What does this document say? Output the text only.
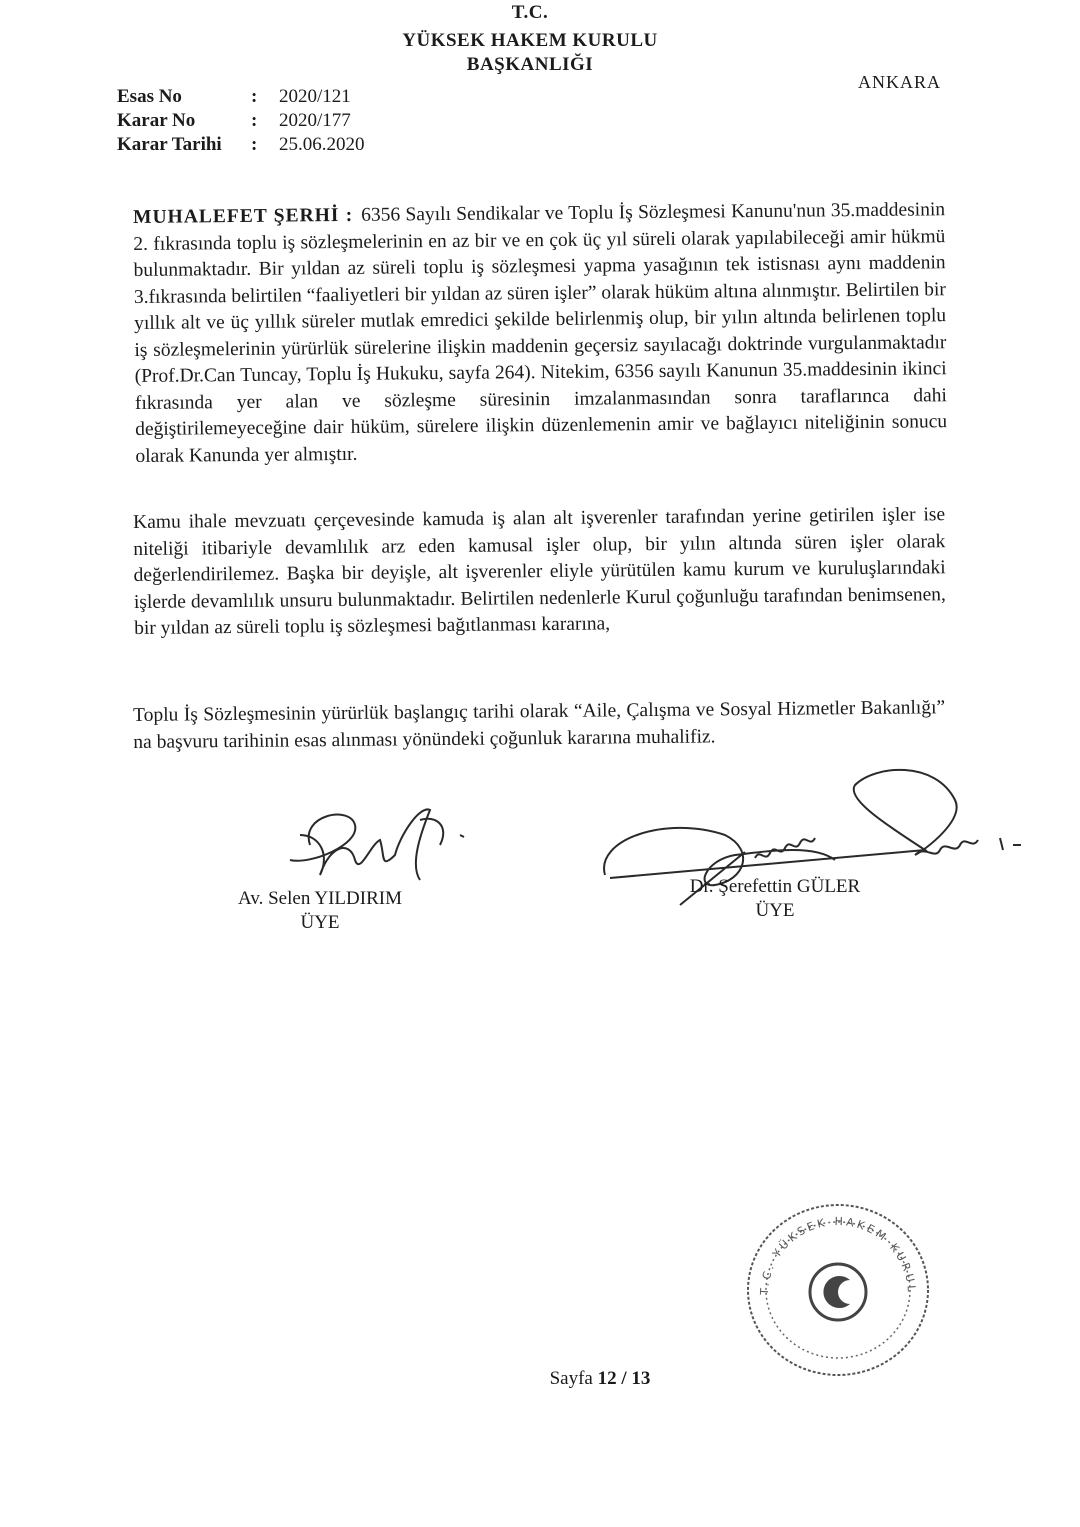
T.C.
YÜKSEK HAKEM KURULU
BAŞKANLIĞI
ANKARA
Esas No	: 2020/121
Karar No	: 2020/177
Karar Tarihi : 25.06.2020
MUHALEFET ŞERHİ : 6356 Sayılı Sendikalar ve Toplu İş Sözleşmesi Kanunu'nun 35.maddesinin 2. fıkrasında toplu iş sözleşmelerinin en az bir ve en çok üç yıl süreli olarak yapılabileceği amir hükmü bulunmaktadır. Bir yıldan az süreli toplu iş sözleşmesi yapma yasağının tek istisnası aynı maddenin 3.fıkrasında belirtilen “faaliyetleri bir yıldan az süren işler” olarak hüküm altına alınmıştır. Belirtilen bir yıllık alt ve üç yıllık süreler mutlak emredici şekilde belirlenmiş olup, bir yılın altında belirlenen toplu iş sözleşmelerinin yürürlük sürelerine ilişkin maddenin geçersiz sayılacağı doktrinde vurgulanmaktadır (Prof.Dr.Can Tuncay, Toplu İş Hukuku, sayfa 264). Nitekim, 6356 sayılı Kanunun 35.maddesinin ikinci fıkrasında yer alan ve sözleşme süresinin imzalanmasından sonra taraflarınca dahi değiştirilemeyeceğine dair hüküm, sürelere ilişkin düzenlemenin amir ve bağlayıcı niteliğinin sonucu olarak Kanunda yer almıştır.
Kamu ihale mevzuatı çerçevesinde kamuda iş alan alt işverenler tarafından yerine getirilen işler ise niteliği itibariyle devamlılık arz eden kamusal işler olup, bir yılın altında süren işler olarak değerlendirilemez. Başka bir deyişle, alt işverenler eliyle yürütülen kamu kurum ve kuruluşlarındaki işlerde devamlılık unsuru bulunmaktadır. Belirtilen nedenlerle Kurul çoğunluğu tarafından benimsenen, bir yıldan az süreli toplu iş sözleşmesi bağıtlanması kararına,
Toplu İş Sözleşmesinin yürürlük başlangıç tarihi olarak “Aile, Çalışma ve Sosyal Hizmetler Bakanlığı” na başvuru tarihinin esas alınması yönündeki çoğunluk kararına muhalifiz.
Av. Selen YILDIRIM
ÜYE
Dr. Şerefettin GÜLER
ÜYE
T.C. YÜKSEK HAKEM KURULU
Sayfa 12 / 13
